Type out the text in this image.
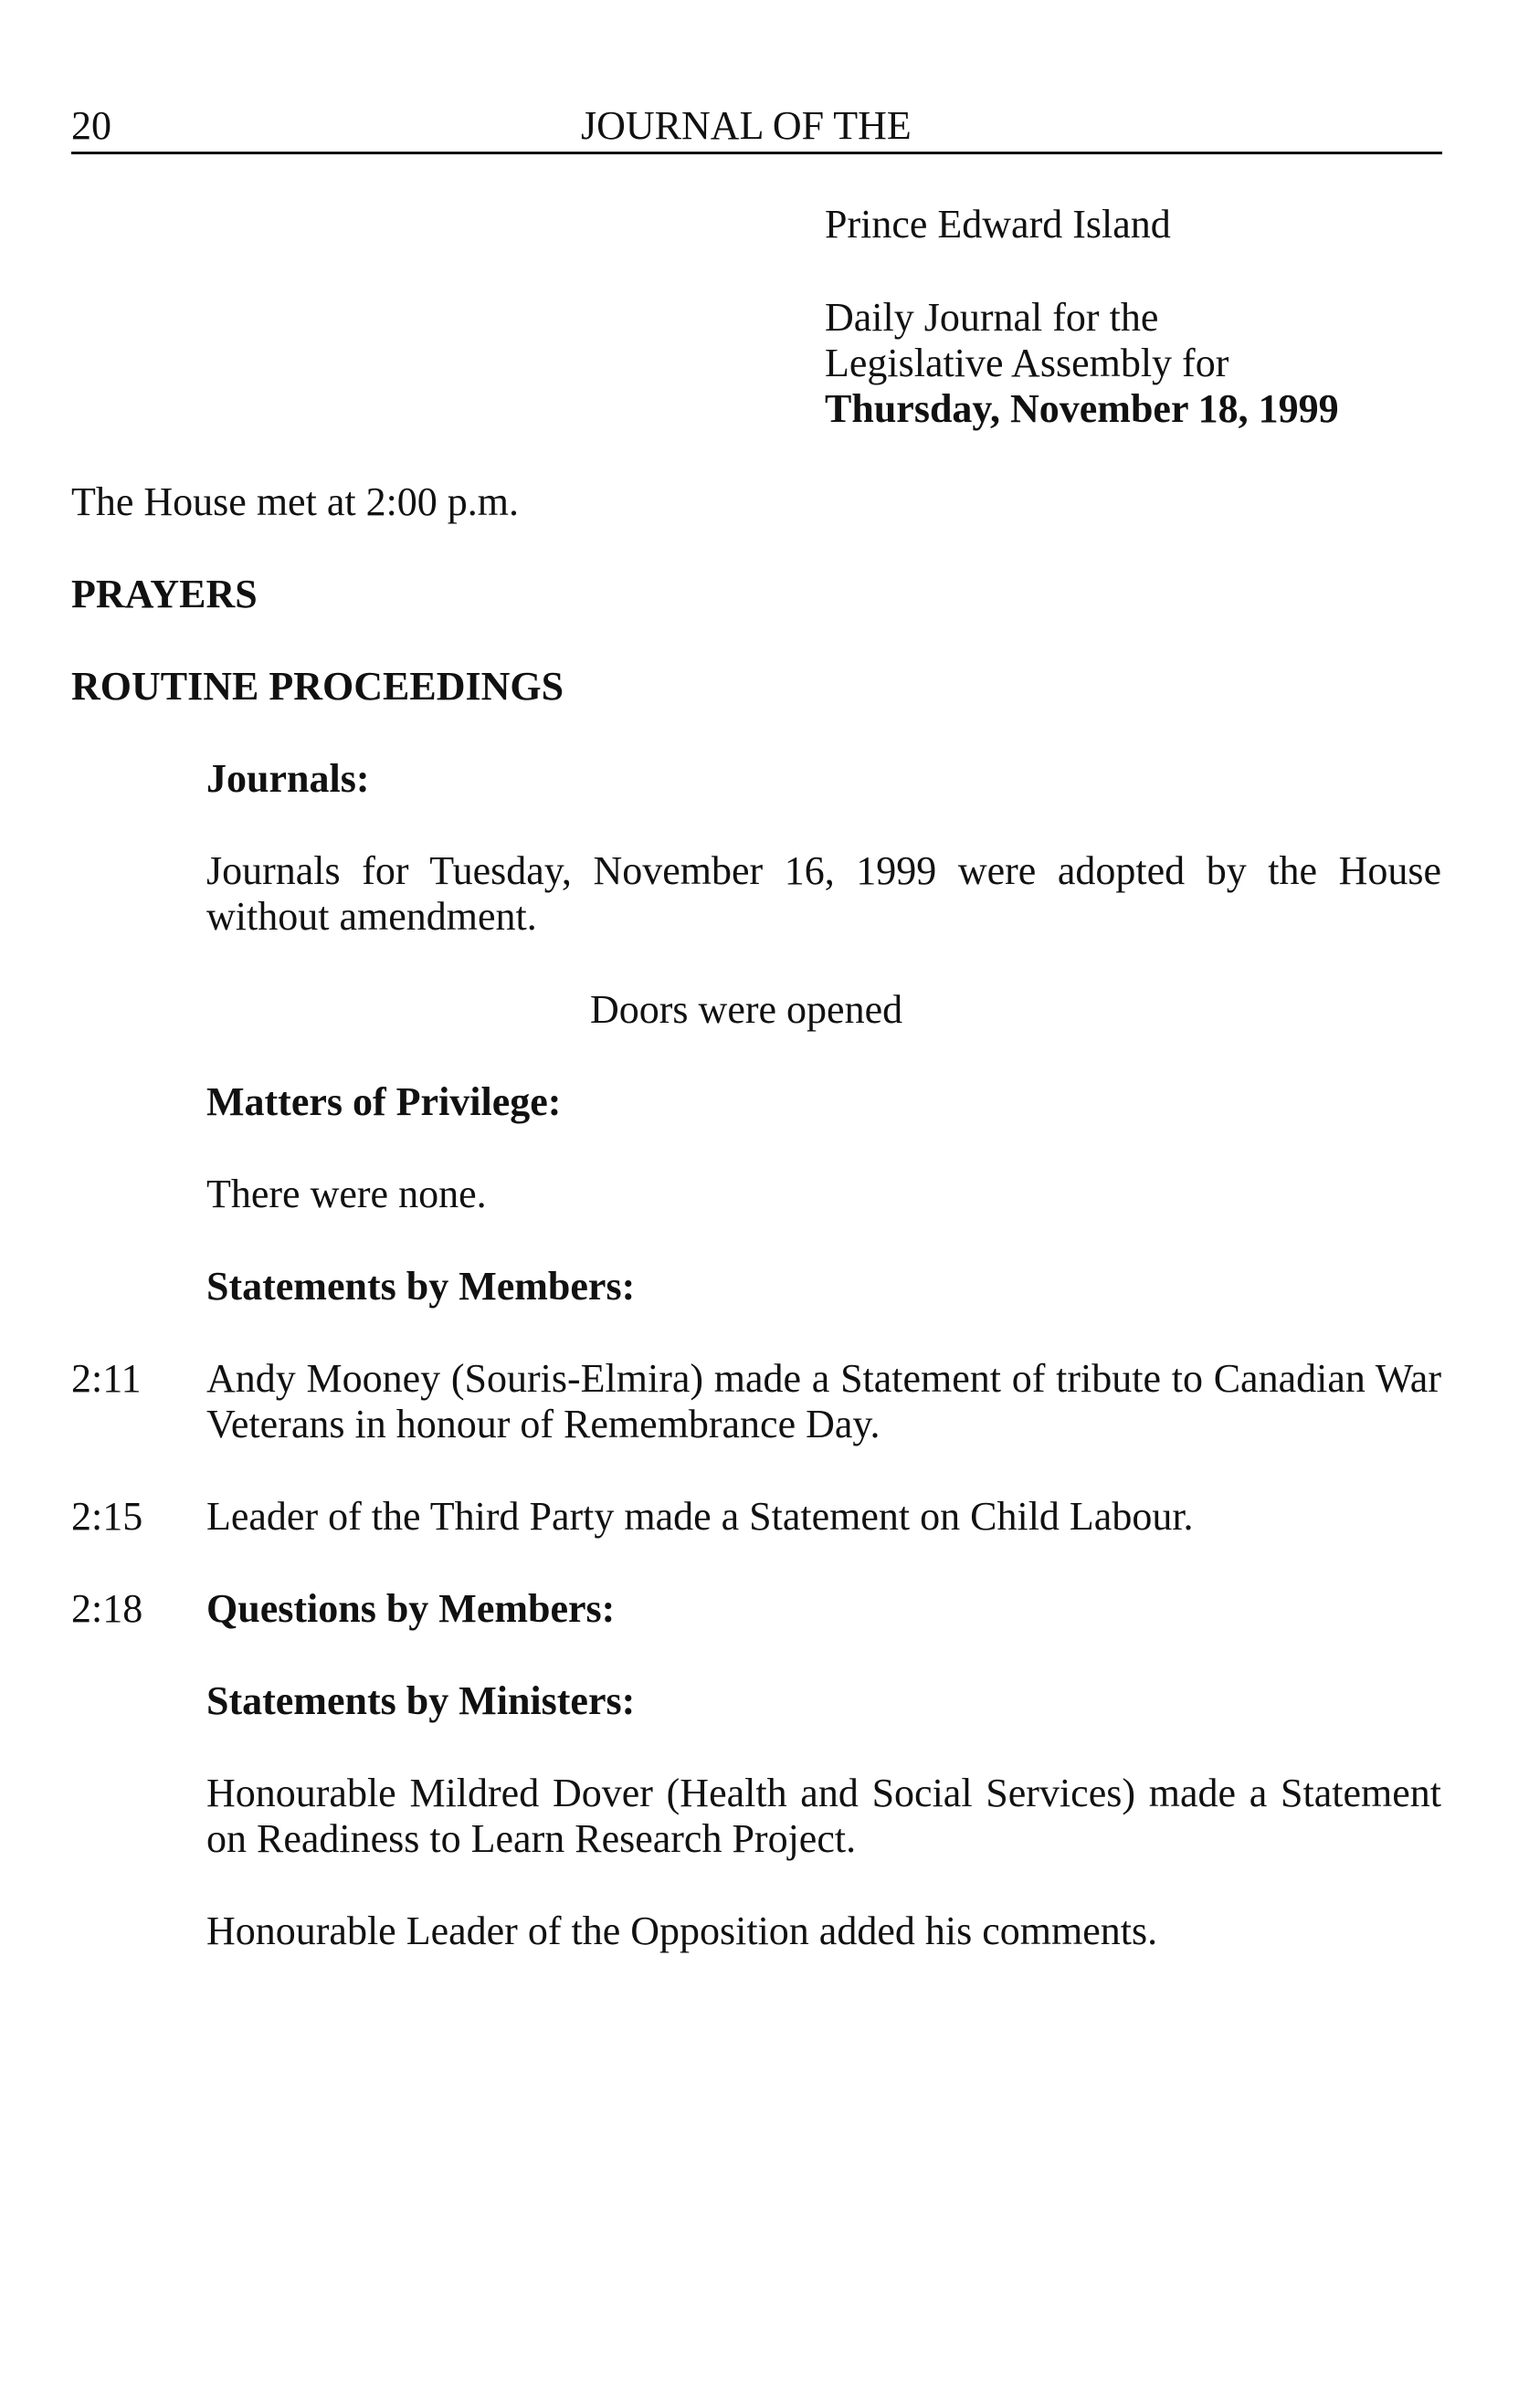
20	JOURNAL OF THE
Prince Edward Island
Daily Journal for the
Legislative Assembly for
Thursday, November 18, 1999
The House met at 2:00 p.m.
PRAYERS
ROUTINE PROCEEDINGS
Journals:
Journals for Tuesday, November 16, 1999 were adopted by the House without amendment.
Doors were opened
Matters of Privilege:
There were none.
Statements by Members:
2:11 Andy Mooney (Souris-Elmira) made a Statement of tribute to Canadian War Veterans in honour of Remembrance Day.
2:15 Leader of the Third Party made a Statement on Child Labour.
2:18 Questions by Members:
Statements by Ministers:
Honourable Mildred Dover (Health and Social Services) made a Statement on Readiness to Learn Research Project.
Honourable Leader of the Opposition added his comments.
